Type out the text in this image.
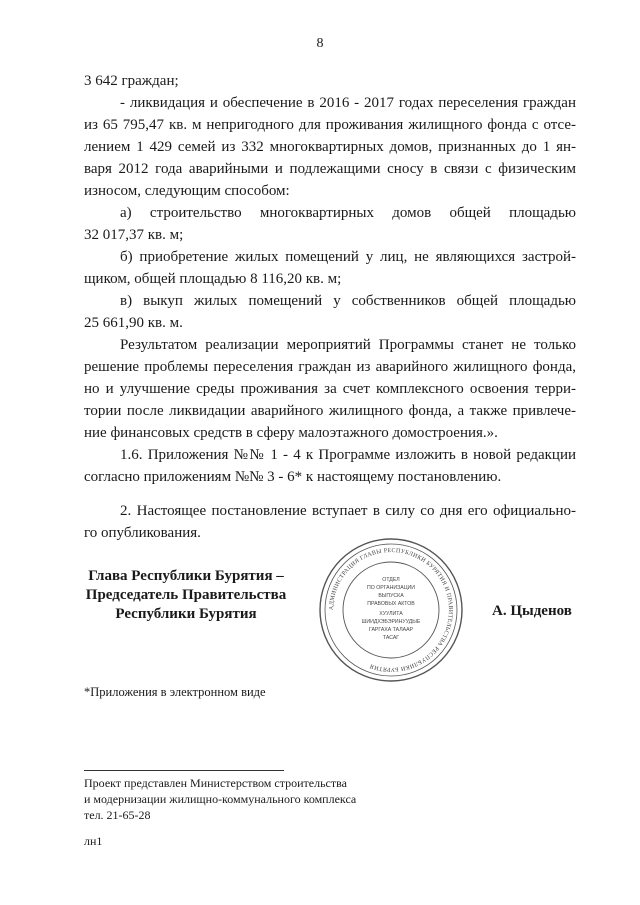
8
3 642 граждан;
- ликвидация и обеспечение в 2016 - 2017 годах переселения граждан
из 65 795,47 кв. м непригодного для проживания жилищного фонда с отсе-
лением 1 429 семей из 332 многоквартирных домов, признанных до 1 ян-
варя 2012 года аварийными и подлежащими сносу в связи с физическим
износом, следующим способом:
а) строительство многоквартирных домов общей площадью
32 017,37 кв. м;
б) приобретение жилых помещений у лиц, не являющихся застрой-
щиком, общей площадью 8 116,20 кв. м;
в) выкуп жилых помещений у собственников общей площадью
25 661,90 кв. м.
Результатом реализации мероприятий Программы станет не только
решение проблемы переселения граждан из аварийного жилищного фонда,
но и улучшение среды проживания за счет комплексного освоения терри-
тории после ликвидации аварийного жилищного фонда, а также привлече-
ние финансовых средств в сферу малоэтажного домостроения.».
1.6. Приложения №№ 1 - 4 к Программе изложить в новой редакции
согласно приложениям №№ 3 - 6* к настоящему постановлению.
2. Настоящее постановление вступает в силу со дня его официально-
го опубликования.
Глава Республики Бурятия –
Председатель Правительства
Республики Бурятия	АДМИНИСТРАЦИЯ ГЛАВЫ РЕСПУБЛИКИ БУРЯТИЯ И ПРАВИТЕЛЬСТВА РЕСПУБЛИКИ БУРЯТИЯ
ОТДЕЛ
ПО ОРГАНИЗАЦИИ
ВЫПУСКА
ПРАВОВЫХ АКТОВ
ХУУЛИТА
ШИИДХЭБЭРИНУУДЫЕ
ГАРГАХА ТАЛААР
ТАСАГ
А. Цыденов
*Приложения в электронном виде
Проект представлен Министерством строительства
и модернизации жилищно-коммунального комплекса
тел. 21-65-28
лн1
